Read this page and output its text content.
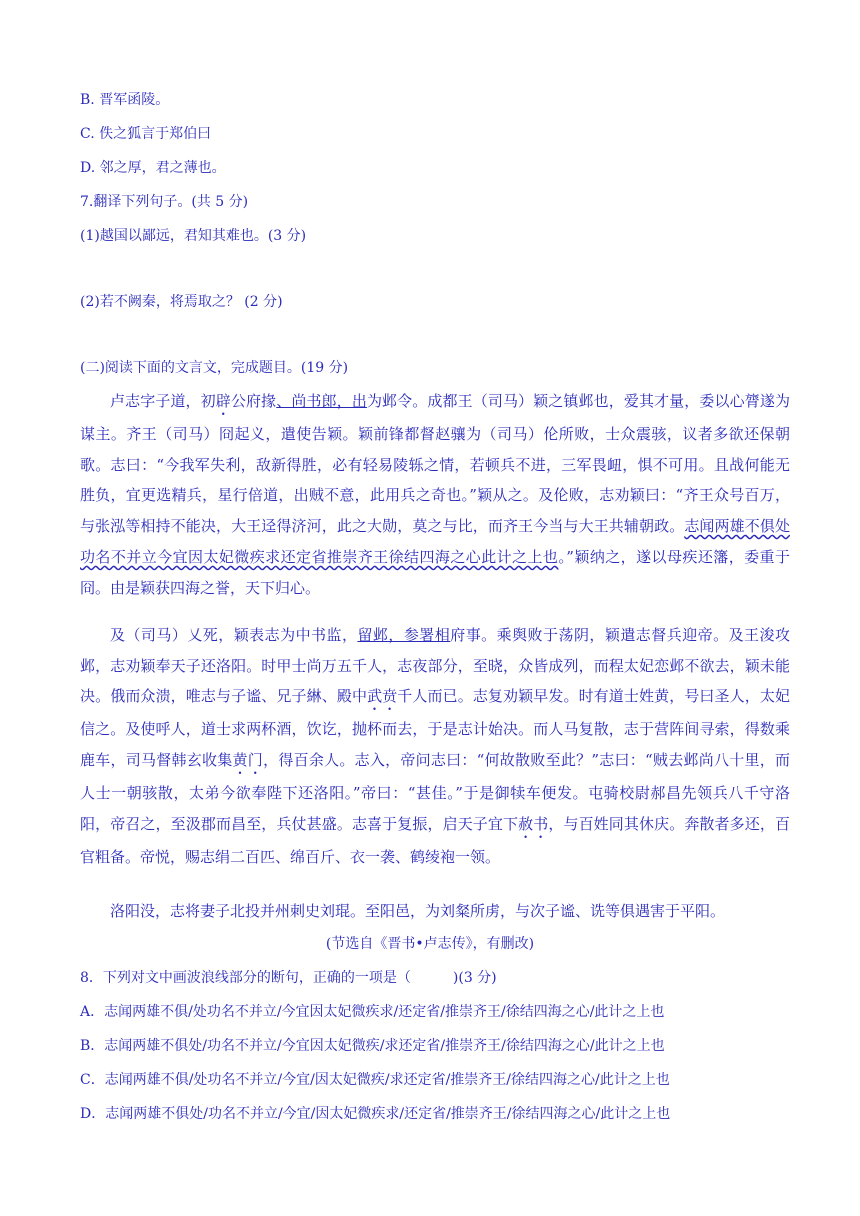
B. 晋军函陵。
C. 佚之狐言于郑伯曰
D. 邻之厚，君之薄也。
7.翻译下列句子。(共 5 分)
(1)越国以鄙远，君知其难也。(3 分)
(2)若不阙秦，将焉取之？ (2 分)
(二)阅读下面的文言文，完成题目。(19 分)
卢志字子道，初辟公府掾、尚书郎，出为邺令。成都王（司马）颖之镇邺也，爱其才量，委以心膂遂为谋主。齐王（司马）冏起义，遣使告颖。颖前锋都督赵骧为（司马）伦所败，士众震骇，议者多欲还保朝歌。志曰：“今我军失利，敌新得胜，必有轻易陵轹之情，若顿兵不进，三军畏衄，惧不可用。且战何能无胜负，宜更选精兵，星行倍道，出贼不意，此用兵之奇也。”颖从之。及伦败，志劝颖曰：“齐王众号百万，与张泓等相持不能决，大王迳得济河，此之大勋，莫之与比，而齐王今当与大王共辅朝政。志闻两雄不俱处功名不并立今宜因太妃微疾求还定省推崇齐王徐结四海之心此计之上也。”颖纳之，遂以母疾还籓，委重于冏。由是颖获四海之誉，天下归心。
及（司马）乂死，颖表志为中书监，留邺，参署相府事。乘舆败于荡阴，颖遣志督兵迎帝。及王浚攻邺，志劝颖奉天子还洛阳。时甲士尚万五千人，志夜部分，至晓，众皆成列，而程太妃恋邺不欲去，颖未能决。俄而众溃，唯志与子谧、兄子綝、殿中武贲千人而已。志复劝颖早发。时有道士姓黄，号曰圣人，太妃信之。及使呼人，道士求两杯酒，饮讫，抛杯而去，于是志计始决。而人马复散，志于营阵间寻索，得数乘鹿车，司马督韩玄收集黄门，得百余人。志入，帝问志曰：“何故散败至此？”志曰：“贼去邺尚八十里，而人士一朝骇散，太弟今欲奉陛下还洛阳。”帝曰：“甚佳。”于是御犊车便发。屯骑校尉郝昌先领兵八千守洛阳，帝召之，至汲郡而昌至，兵仗甚盛。志喜于复振，启天子宜下赦书，与百姓同其休庆。奔散者多还，百官粗备。帝悦，赐志绢二百匹、绵百斤、衣一袭、鹤绫袍一领。
洛阳没，志将妻子北投并州刺史刘琨。至阳邑，为刘粲所虏，与次子谧、诜等俱遇害于平阳。
(节选自《晋书•卢志传》，有删改)
8．下列对文中画波浪线部分的断句，正确的一项是（　　　)(3 分)
A．志闻两雄不俱/处功名不并立/今宜因太妃微疾求/还定省/推崇齐王/徐结四海之心/此计之上也
B．志闻两雄不俱处/功名不并立/今宜因太妃微疾/求还定省/推崇齐王/徐结四海之心/此计之上也
C．志闻两雄不俱/处功名不并立/今宜/因太妃微疾/求还定省/推崇齐王/徐结四海之心/此计之上也
D．志闻两雄不俱处/功名不并立/今宜/因太妃微疾求/还定省/推崇齐王/徐结四海之心/此计之上也
